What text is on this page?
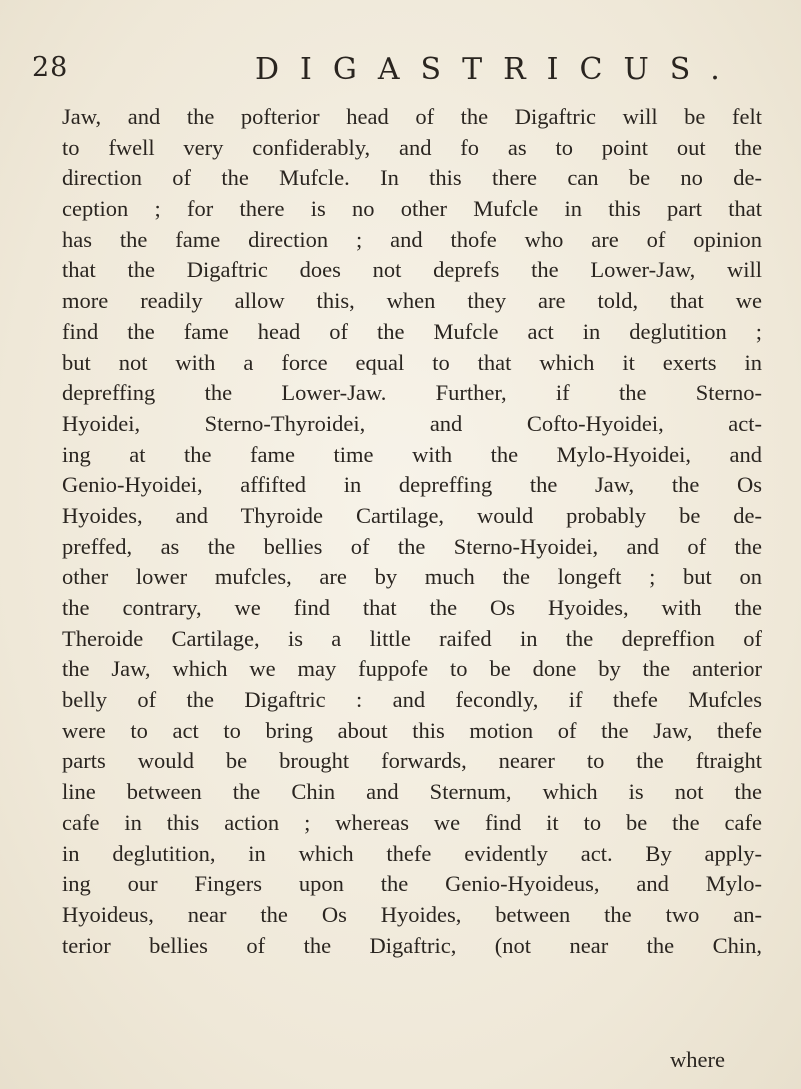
28	DIGASTRICUS.
Jaw, and the pofterior head of the Digaftric will be felt
to fwell very confiderably, and fo as to point out the
direction of the Mufcle. In this there can be no de-
ception ; for there is no other Mufcle in this part that
has the fame direction ; and thofe who are of opinion
that the Digaftric does not deprefs the Lower-Jaw, will
more readily allow this, when they are told, that we
find the fame head of the Mufcle act in deglutition ;
but not with a force equal to that which it exerts in
depreffing the Lower-Jaw. Further, if the Sterno-
Hyoidei, Sterno-Thyroidei, and Cofto-Hyoidei, act-
ing at the fame time with the Mylo-Hyoidei, and
Genio-Hyoidei, affifted in depreffing the Jaw, the Os
Hyoides, and Thyroide Cartilage, would probably be de-
preffed, as the bellies of the Sterno-Hyoidei, and of the
other lower mufcles, are by much the longeft ; but on
the contrary, we find that the Os Hyoides, with the
Theroide Cartilage, is a little raifed in the depreffion of
the Jaw, which we may fuppofe to be done by the anterior
belly of the Digaftric : and fecondly, if thefe Mufcles
were to act to bring about this motion of the Jaw, thefe
parts would be brought forwards, nearer to the ftraight
line between the Chin and Sternum, which is not the
cafe in this action ; whereas we find it to be the cafe
in deglutition, in which thefe evidently act. By apply-
ing our Fingers upon the Genio-Hyoideus, and Mylo-
Hyoideus, near the Os Hyoides, between the two an-
terior bellies of the Digaftric, (not near the Chin,
where
